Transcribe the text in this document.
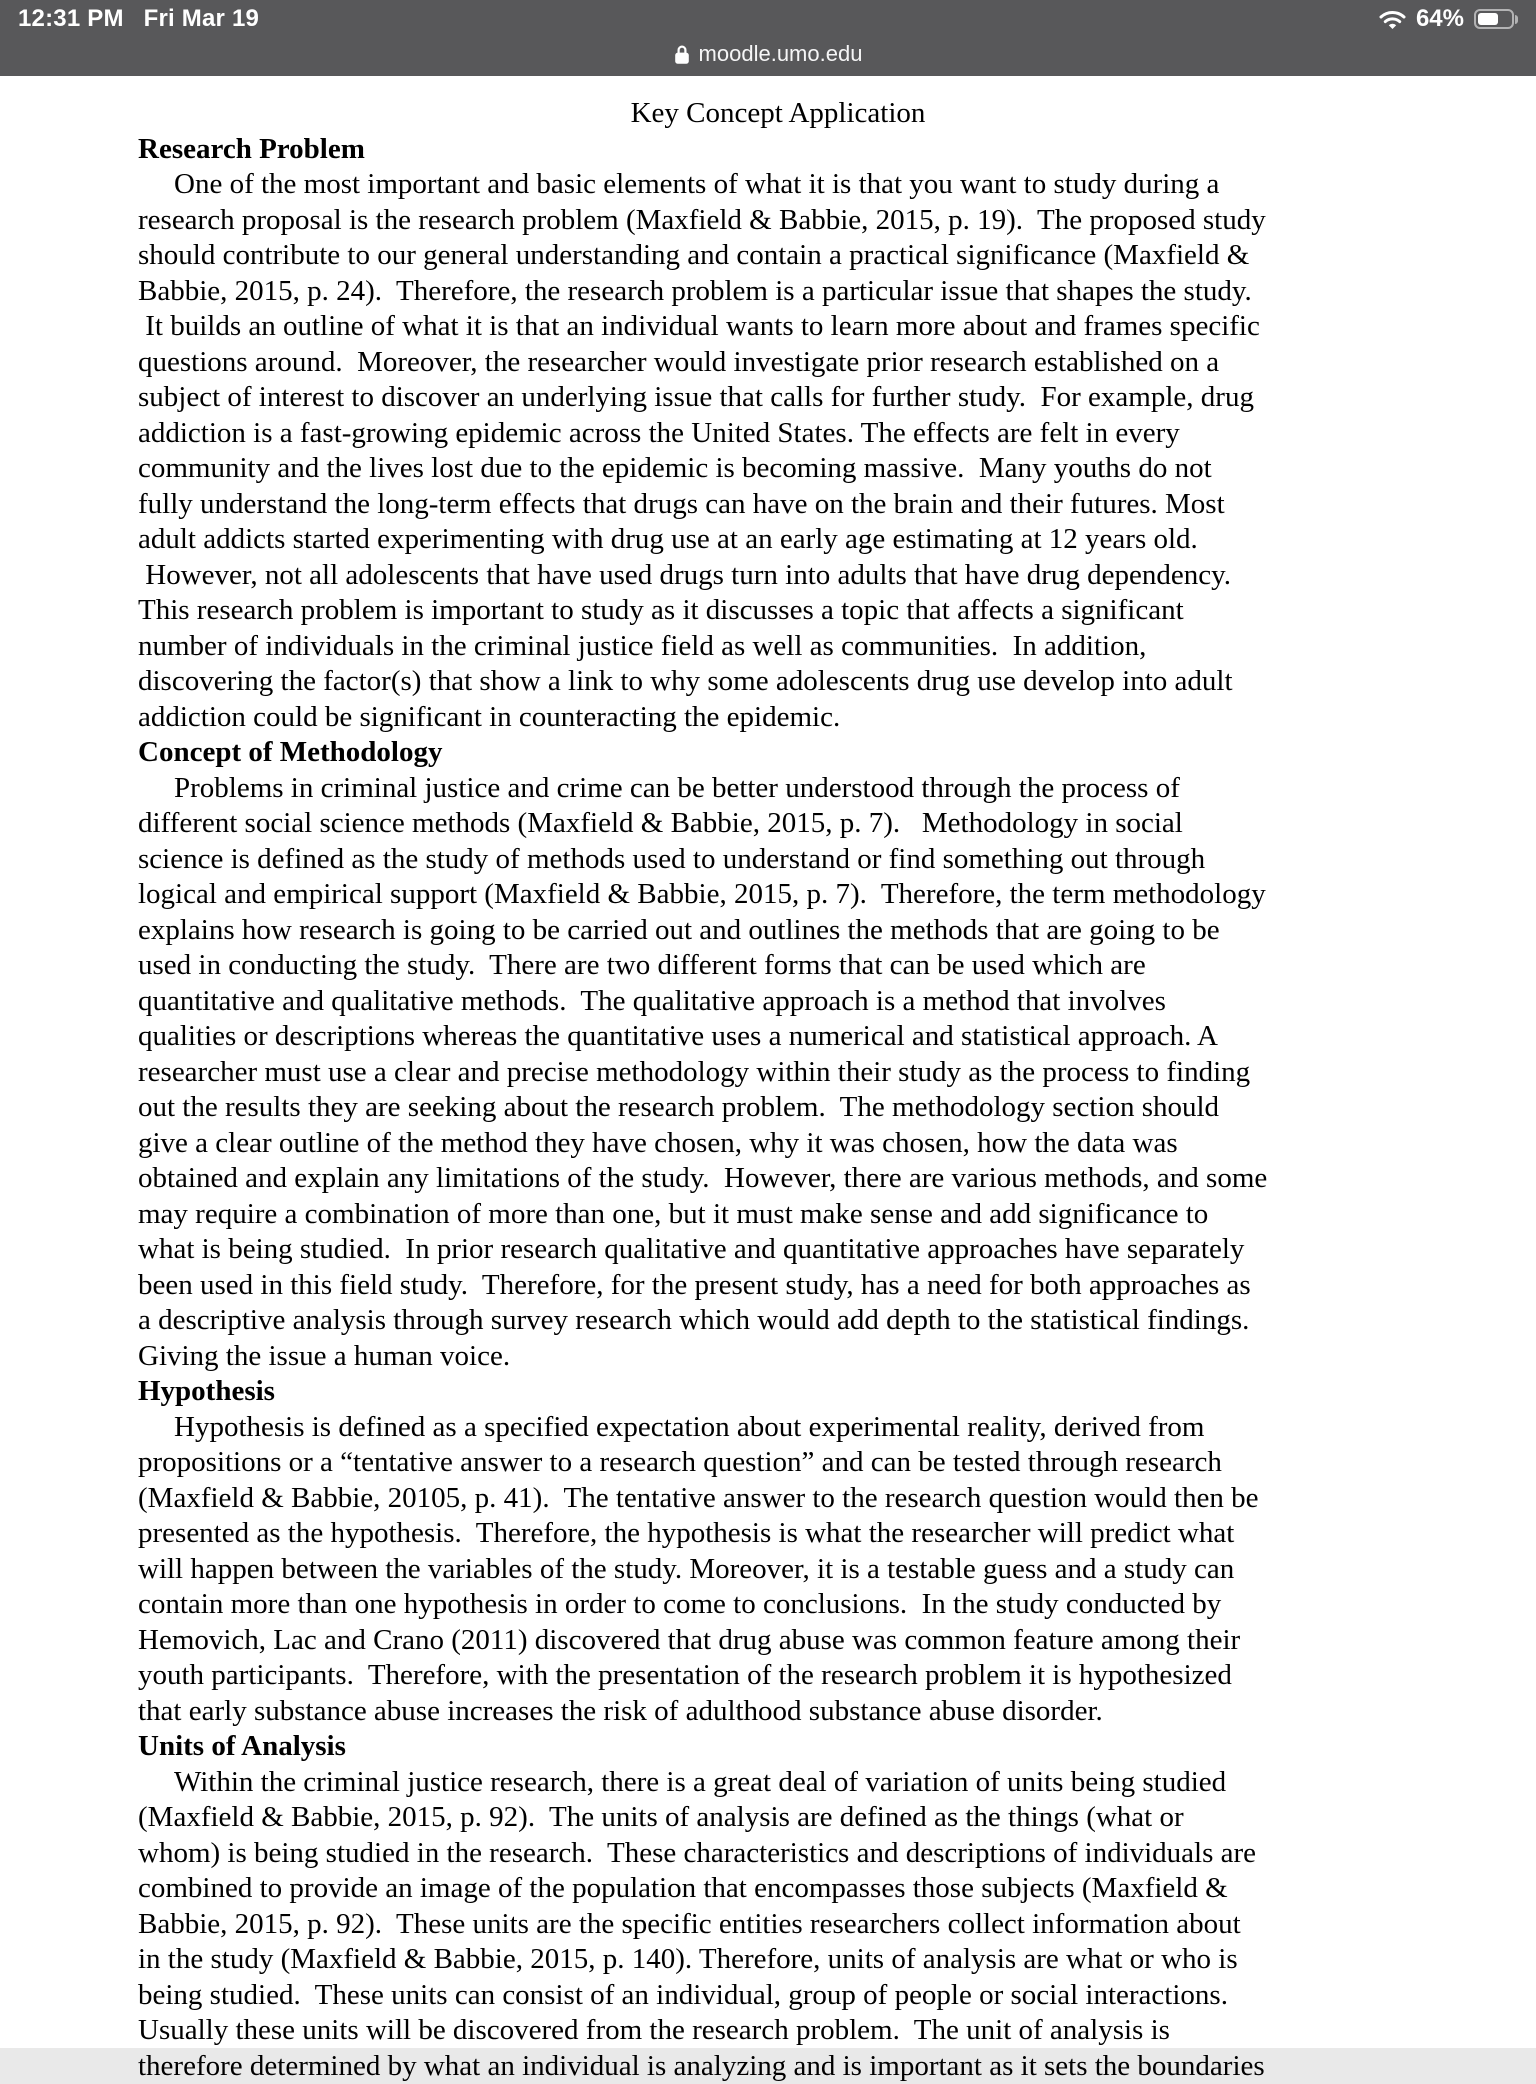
12:31 PM Fri Mar 19	64%
moodle.umo.edu
Key Concept Application
Research Problem
One of the most important and basic elements of what it is that you want to study during a
research proposal is the research problem (Maxfield & Babbie, 2015, p. 19).  The proposed study
should contribute to our general understanding and contain a practical significance (Maxfield &
Babbie, 2015, p. 24).  Therefore, the research problem is a particular issue that shapes the study.
It builds an outline of what it is that an individual wants to learn more about and frames specific
questions around.  Moreover, the researcher would investigate prior research established on a
subject of interest to discover an underlying issue that calls for further study.  For example, drug
addiction is a fast-growing epidemic across the United States. The effects are felt in every
community and the lives lost due to the epidemic is becoming massive.  Many youths do not
fully understand the long-term effects that drugs can have on the brain and their futures. Most
adult addicts started experimenting with drug use at an early age estimating at 12 years old.
However, not all adolescents that have used drugs turn into adults that have drug dependency.
This research problem is important to study as it discusses a topic that affects a significant
number of individuals in the criminal justice field as well as communities.  In addition,
discovering the factor(s) that show a link to why some adolescents drug use develop into adult
addiction could be significant in counteracting the epidemic.
Concept of Methodology
Problems in criminal justice and crime can be better understood through the process of
different social science methods (Maxfield & Babbie, 2015, p. 7).   Methodology in social
science is defined as the study of methods used to understand or find something out through
logical and empirical support (Maxfield & Babbie, 2015, p. 7).  Therefore, the term methodology
explains how research is going to be carried out and outlines the methods that are going to be
used in conducting the study.  There are two different forms that can be used which are
quantitative and qualitative methods.  The qualitative approach is a method that involves
qualities or descriptions whereas the quantitative uses a numerical and statistical approach. A
researcher must use a clear and precise methodology within their study as the process to finding
out the results they are seeking about the research problem.  The methodology section should
give a clear outline of the method they have chosen, why it was chosen, how the data was
obtained and explain any limitations of the study.  However, there are various methods, and some
may require a combination of more than one, but it must make sense and add significance to
what is being studied.  In prior research qualitative and quantitative approaches have separately
been used in this field study.  Therefore, for the present study, has a need for both approaches as
a descriptive analysis through survey research which would add depth to the statistical findings.
Giving the issue a human voice.
Hypothesis
Hypothesis is defined as a specified expectation about experimental reality, derived from
propositions or a “tentative answer to a research question” and can be tested through research
(Maxfield & Babbie, 20105, p. 41).  The tentative answer to the research question would then be
presented as the hypothesis.  Therefore, the hypothesis is what the researcher will predict what
will happen between the variables of the study. Moreover, it is a testable guess and a study can
contain more than one hypothesis in order to come to conclusions.  In the study conducted by
Hemovich, Lac and Crano (2011) discovered that drug abuse was common feature among their
youth participants.  Therefore, with the presentation of the research problem it is hypothesized
that early substance abuse increases the risk of adulthood substance abuse disorder.
Units of Analysis
Within the criminal justice research, there is a great deal of variation of units being studied
(Maxfield & Babbie, 2015, p. 92).  The units of analysis are defined as the things (what or
whom) is being studied in the research.  These characteristics and descriptions of individuals are
combined to provide an image of the population that encompasses those subjects (Maxfield &
Babbie, 2015, p. 92).  These units are the specific entities researchers collect information about
in the study (Maxfield & Babbie, 2015, p. 140). Therefore, units of analysis are what or who is
being studied.  These units can consist of an individual, group of people or social interactions.
Usually these units will be discovered from the research problem.  The unit of analysis is
therefore determined by what an individual is analyzing and is important as it sets the boundaries
